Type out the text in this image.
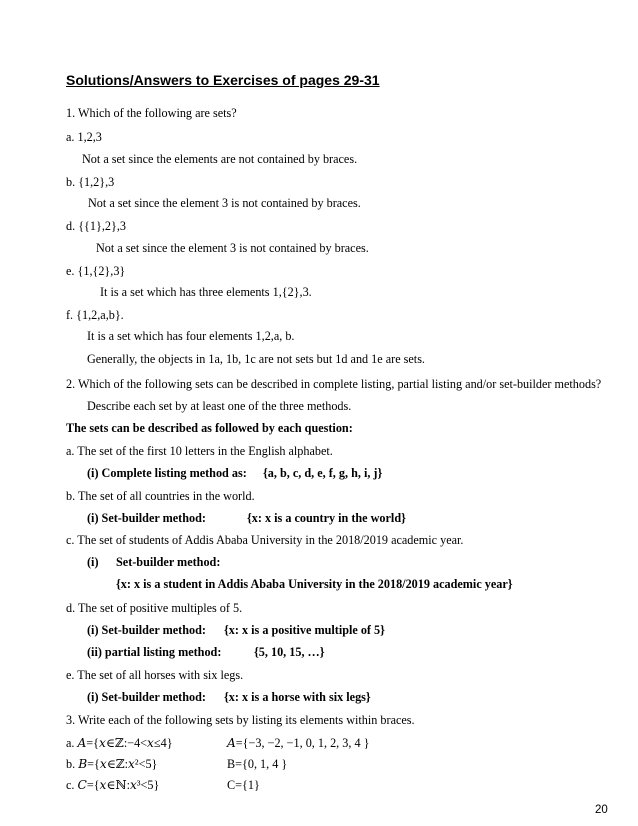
Solutions/Answers to Exercises of pages 29-31
1. Which of the following are sets?
a. 1,2,3
Not a set since the elements are not contained by braces.
b. {1,2},3
Not a set since the element 3 is not contained by braces.
d. {{1},2},3
Not a set since the element 3 is not contained by braces.
e. {1,{2},3}
It is a set which has three elements 1,{2},3.
f. {1,2,a,b}.
It is a set which has four elements 1,2,a, b.
Generally, the objects in 1a, 1b, 1c are not sets but 1d and 1e are sets.
2. Which of the following sets can be described in complete listing, partial listing and/or set-builder methods?
Describe each set by at least one of the three methods.
The sets can be described as followed by each question:
a. The set of the first 10 letters in the English alphabet.
(i) Complete listing method as: {a, b, c, d, e, f, g, h, i, j}
b. The set of all countries in the world.
(i) Set-builder method:	{x: x is a country in the world}
c. The set of students of Addis Ababa University in the 2018/2019 academic year.
(i) Set-builder method:
{x: x is a student in Addis Ababa University in the 2018/2019 academic year}
d. The set of positive multiples of 5.
(i) Set-builder method: {x: x is a positive multiple of 5}
(ii) partial listing method:	{5, 10, 15, …}
e. The set of all horses with six legs.
(i) Set-builder method: {x: x is a horse with six legs}
3. Write each of the following sets by listing its elements within braces.
a. 𝐴={𝑥∈ℤ:−4<𝑥≤4}	𝐴={−3, −2, −1, 0, 1, 2, 3, 4 }
b. 𝐵={𝑥∈ℤ:𝑥²<5}	B={0, 1, 4 }
c. 𝐶={𝑥∈ℕ:𝑥³<5}	C={1}
20
